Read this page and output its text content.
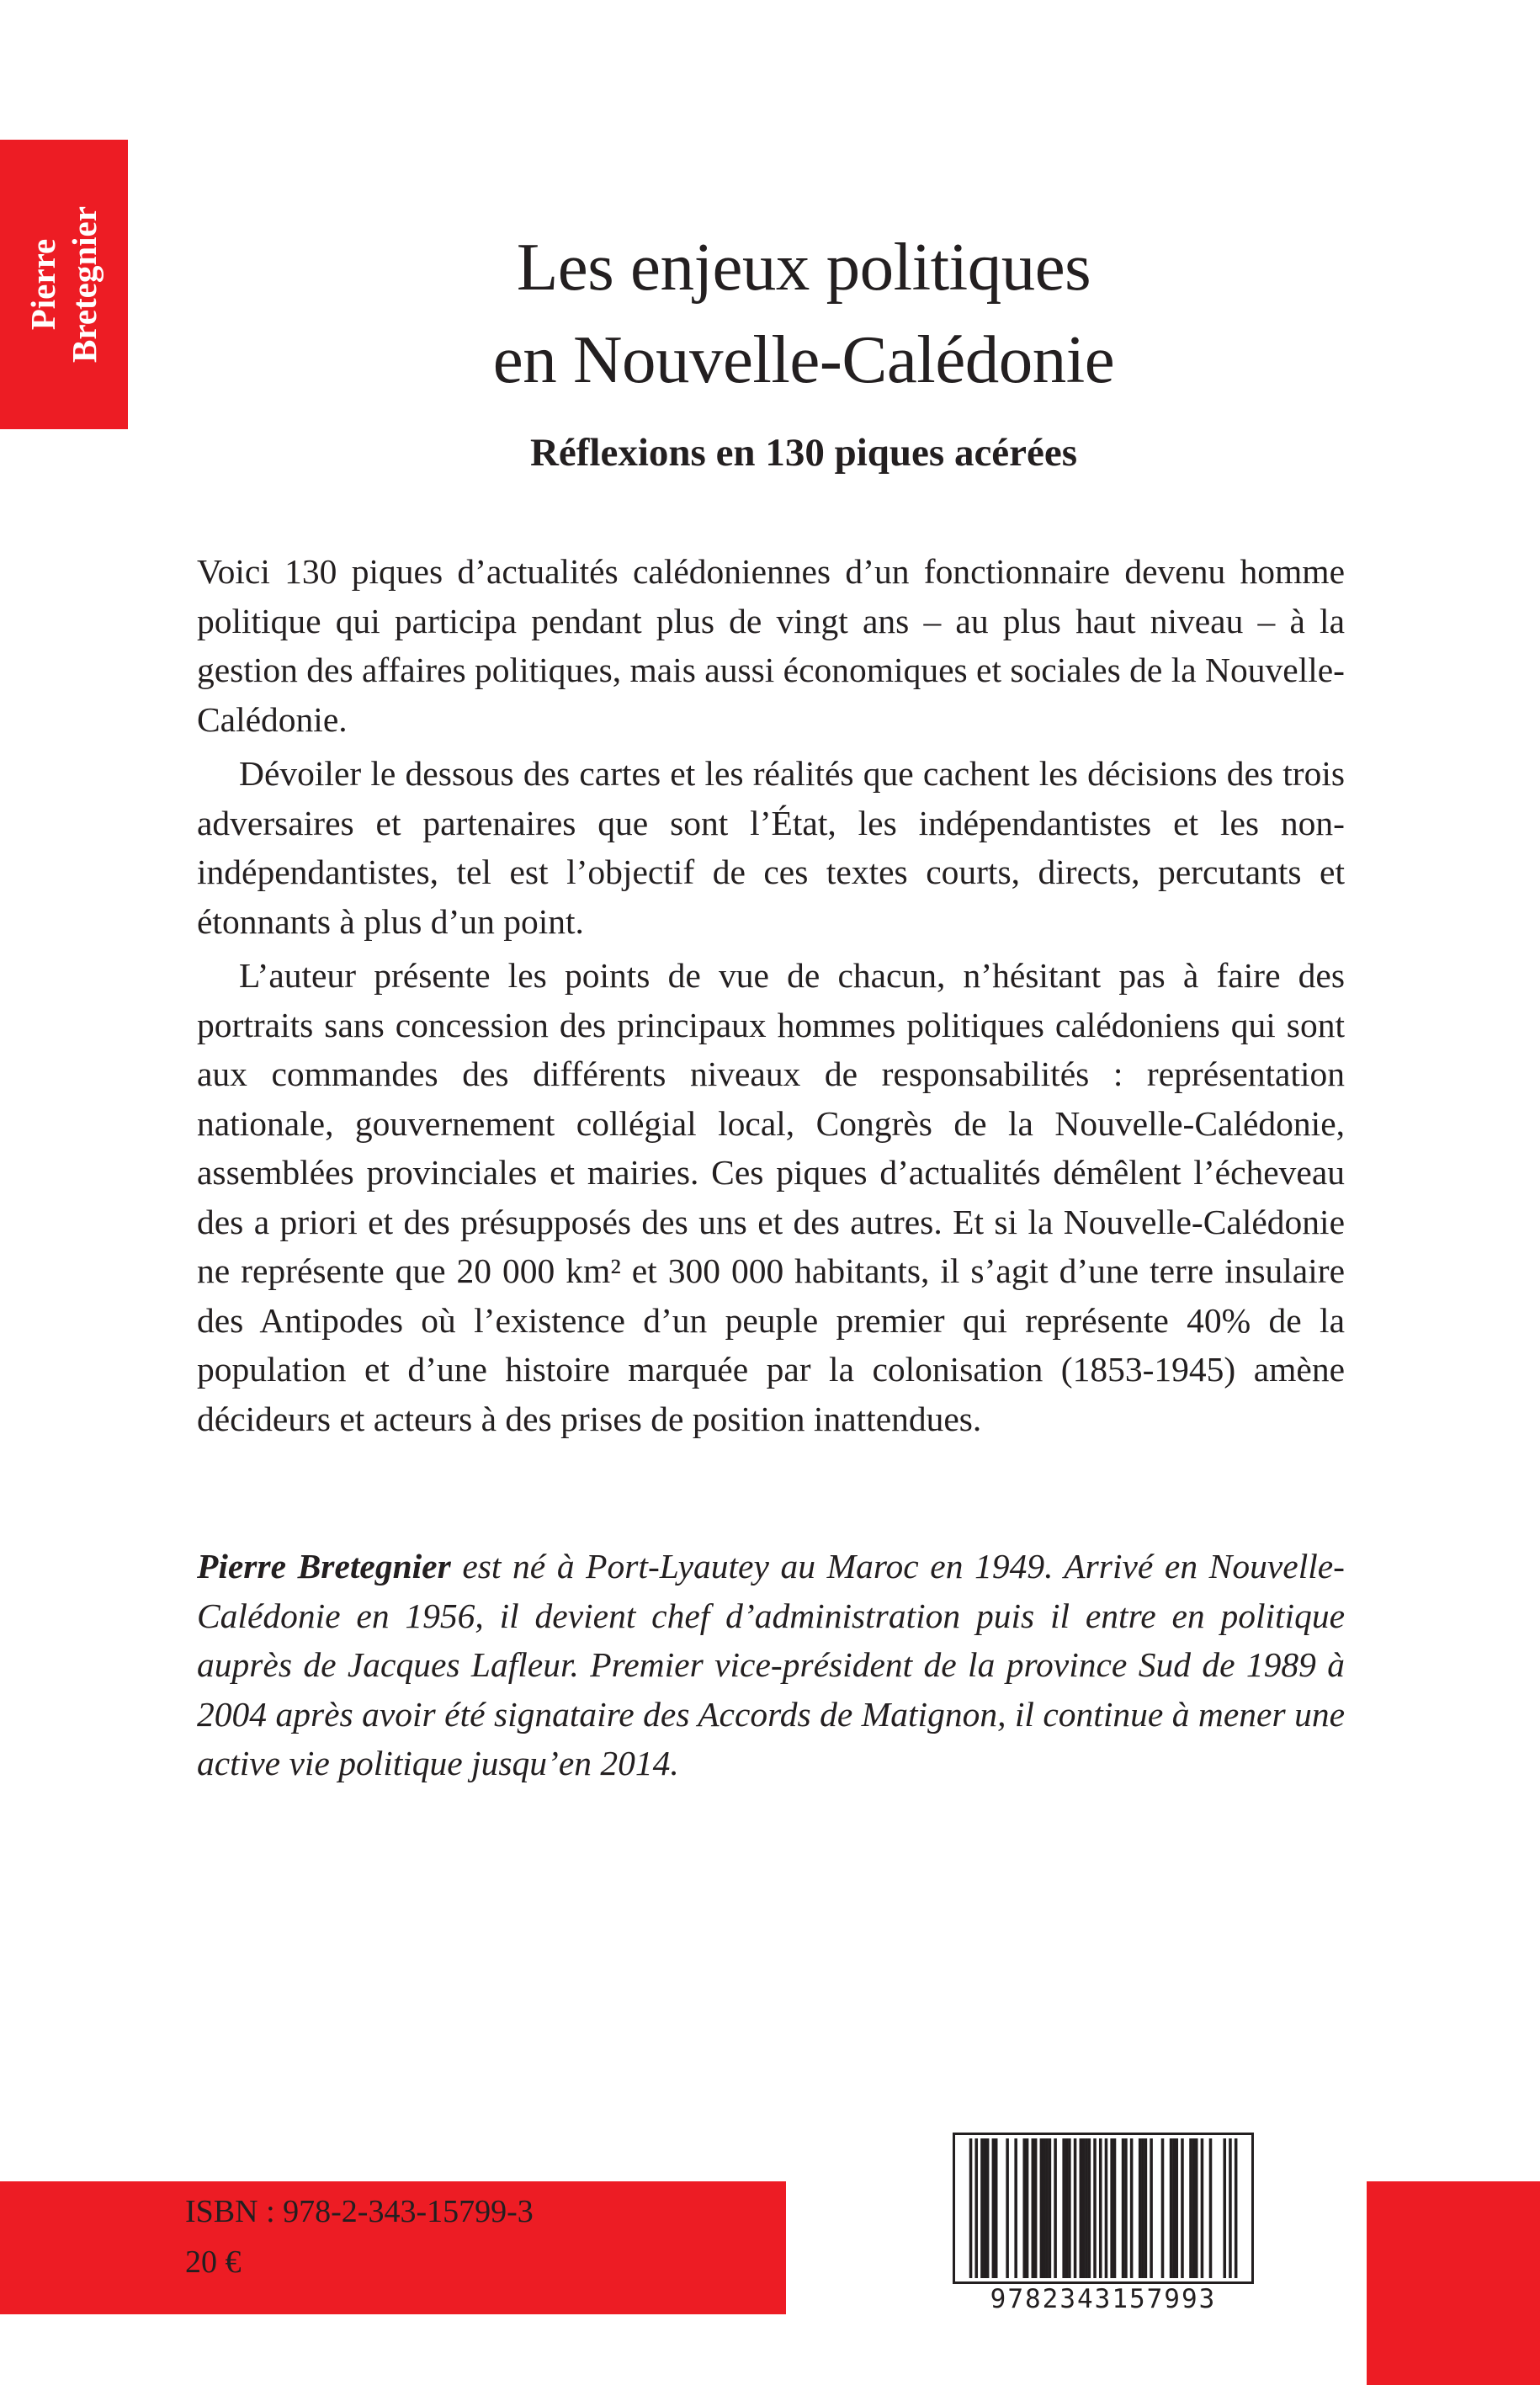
Pierre
Bretegnier	Les enjeux politiques
en Nouvelle-Calédonie
Réflexions en 130 piques acérées

Voici 130 piques d’actualités calédoniennes d’un fonctionnaire devenu homme politique qui participa pendant plus de vingt ans – au plus haut niveau – à la gestion des affaires politiques, mais aussi économiques et sociales de la Nouvelle-Calédonie.

Dévoiler le dessous des cartes et les réalités que cachent les décisions des trois adversaires et partenaires que sont l’État, les indépendantistes et les non-indépendantistes, tel est l’objectif de ces textes courts, directs, percutants et étonnants à plus d’un point.

L’auteur présente les points de vue de chacun, n’hésitant pas à faire des portraits sans concession des principaux hommes politiques calédoniens qui sont aux commandes des différents niveaux de responsabilités : représentation nationale, gouvernement collégial local, Congrès de la Nouvelle-Calédonie, assemblées provinciales et mairies. Ces piques d’actualités démêlent l’écheveau des a priori et des présupposés des uns et des autres. Et si la Nouvelle-Calédonie ne représente que 20 000 km² et 300 000 habitants, il s’agit d’une terre insulaire des Antipodes où l’existence d’un peuple premier qui représente 40% de la population et d’une histoire marquée par la colonisation (1853-1945) amène décideurs et acteurs à des prises de position inattendues.

Pierre Bretegnier est né à Port-Lyautey au Maroc en 1949. Arrivé en Nouvelle-Calédonie en 1956, il devient chef d’administration puis il entre en politique auprès de Jacques Lafleur. Premier vice-président de la province Sud de 1989 à 2004 après avoir été signataire des Accords de Matignon, il continue à mener une active vie politique jusqu’en 2014.
ISBN : 978-2-343-15799-3
20 €
9782343157993
